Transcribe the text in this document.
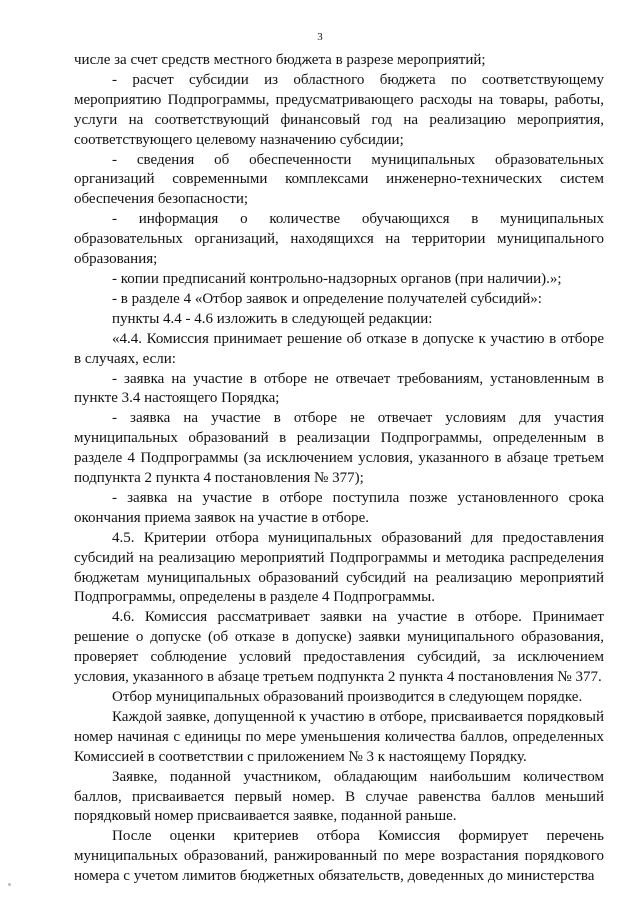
3

числе за счет средств местного бюджета в разрезе мероприятий;

- расчет субсидии из областного бюджета по соответствующему мероприятию Подпрограммы, предусматривающего расходы на товары, работы, услуги на соответствующий финансовый год на реализацию мероприятия, соответствующего целевому назначению субсидии;

- сведения об обеспеченности муниципальных образовательных организаций современными комплексами инженерно-технических систем обеспечения безопасности;

- информация о количестве обучающихся в муниципальных образовательных организаций, находящихся на территории муниципального образования;

- копии предписаний контрольно-надзорных органов (при наличии).»;

- в разделе 4 «Отбор заявок и определение получателей субсидий»:

пункты 4.4 - 4.6 изложить в следующей редакции:

«4.4. Комиссия принимает решение об отказе в допуске к участию в отборе в случаях, если:

- заявка на участие в отборе не отвечает требованиям, установленным в пункте 3.4 настоящего Порядка;

- заявка на участие в отборе не отвечает условиям для участия муниципальных образований в реализации Подпрограммы, определенным в разделе 4 Подпрограммы (за исключением условия, указанного в абзаце третьем подпункта 2 пункта 4 постановления № 377);

- заявка на участие в отборе поступила позже установленного срока окончания приема заявок на участие в отборе.

4.5. Критерии отбора муниципальных образований для предоставления субсидий на реализацию мероприятий Подпрограммы и методика распределения бюджетам муниципальных образований субсидий на реализацию мероприятий Подпрограммы, определены в разделе 4 Подпрограммы.

4.6. Комиссия рассматривает заявки на участие в отборе. Принимает решение о допуске (об отказе в допуске) заявки муниципального образования, проверяет соблюдение условий предоставления субсидий, за исключением условия, указанного в абзаце третьем подпункта 2 пункта 4 постановления № 377.

Отбор муниципальных образований производится в следующем порядке.

Каждой заявке, допущенной к участию в отборе, присваивается порядковый номер начиная с единицы по мере уменьшения количества баллов, определенных Комиссией в соответствии с приложением № 3 к настоящему Порядку.

Заявке, поданной участником, обладающим наибольшим количеством баллов, присваивается первый номер. В случае равенства баллов меньший порядковый номер присваивается заявке, поданной раньше.

После оценки критериев отбора Комиссия формирует перечень муниципальных образований, ранжированный по мере возрастания порядкового номера с учетом лимитов бюджетных обязательств, доведенных до министерства
